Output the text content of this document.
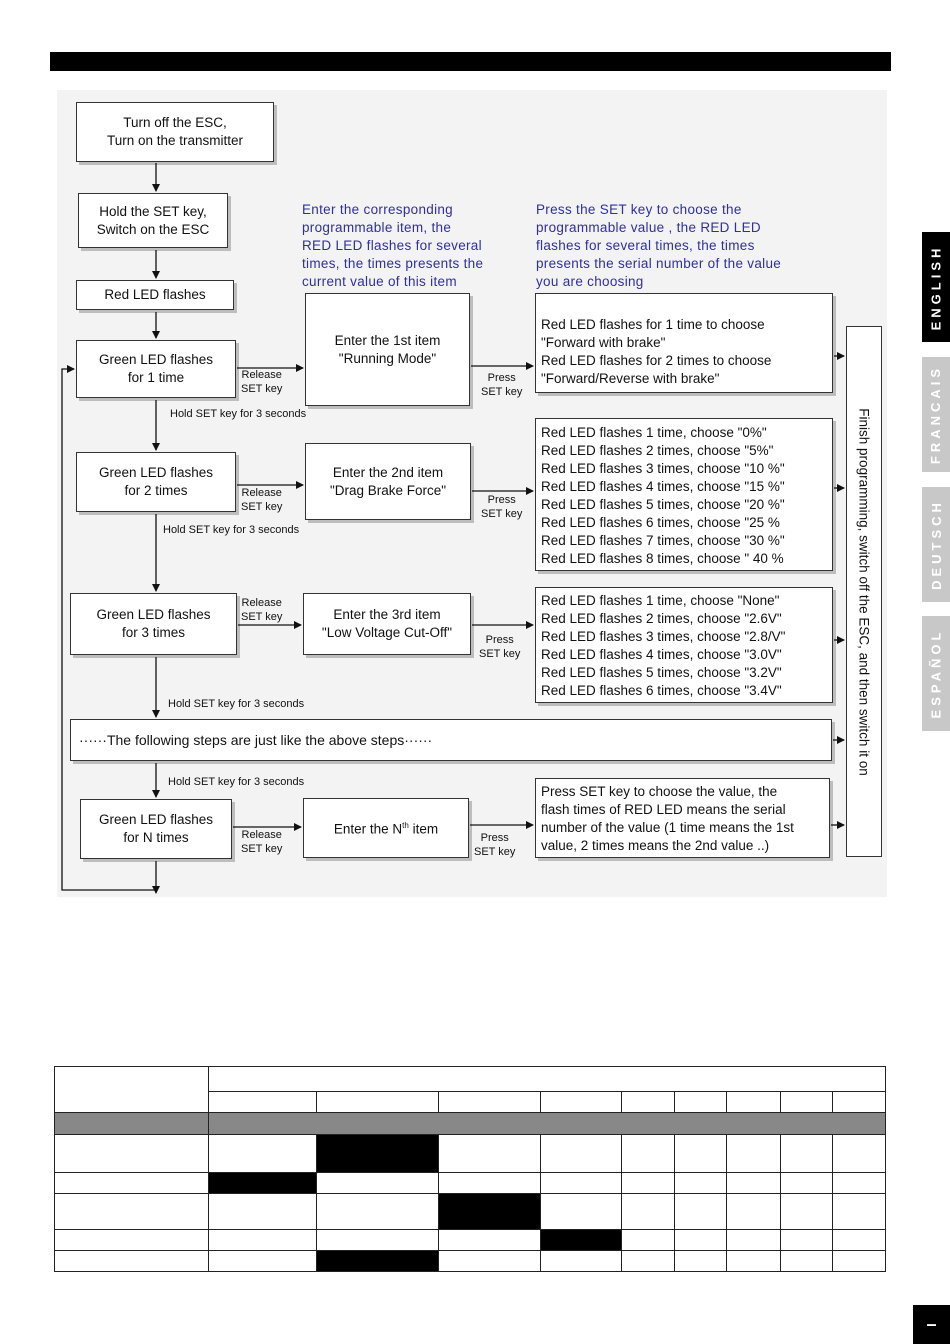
Turn off the ESC,
Turn on the transmitter
Hold the SET key,
Switch on the ESC
Red LED flashes
Green LED flashes
for 1 time
Green LED flashes
for 2 times
Green LED flashes
for 3 times
Green LED flashes
for N times
Enter the corresponding
programmable item, the
RED LED flashes for several
times, the times presents the
current value of this item
Press the SET key to choose the
programmable value , the RED LED
flashes for several times, the times
presents the serial number of the value
you are choosing
Enter the 1st item
"Running Mode"
Enter the 2nd item
"Drag Brake Force"
Enter the 3rd item
"Low Voltage Cut-Off"
Enter the $N^{th}$ item
Red LED flashes for 1 time to choose
"Forward with brake"
Red LED flashes for 2 times to choose
"Forward/Reverse with brake"
Red LED flashes 1 time, choose "0%"
Red LED flashes 2 times, choose "5%"
Red LED flashes 3 times, choose "10 %"
Red LED flashes 4 times, choose "15 %"
Red LED flashes 5 times, choose "20 %"
Red LED flashes 6 times, choose "25 %
Red LED flashes 7 times, choose "30 %"
Red LED flashes 8 times, choose " 40 %
Red LED flashes 1 time, choose "None"
Red LED flashes 2 times, choose "2.6V"
Red LED flashes 3 times, choose "2.8/V"
Red LED flashes 4 times, choose "3.0V"
Red LED flashes 5 times, choose "3.2V"
Red LED flashes 6 times, choose "3.4V"
Press SET key to choose the value, the
flash times of RED LED means the serial
number of the value (1 time means the 1st
value, 2 times means the 2nd value ..)
······The following steps are just like the above steps······	Finish programming, switch off the ESC, and then switch it on
Release
SET key
Release
SET key
Release
SET key
Release
SET key
Press
SET key
Press
SET key
Press
SET key
Press
SET key
Hold SET key for 3 seconds
Hold SET key for 3 seconds
Hold SET key for 3 seconds
Hold SET key for 3 seconds
ENGLISH
FRANCAIS
DEUTSCH
ESPAÑOL

–
